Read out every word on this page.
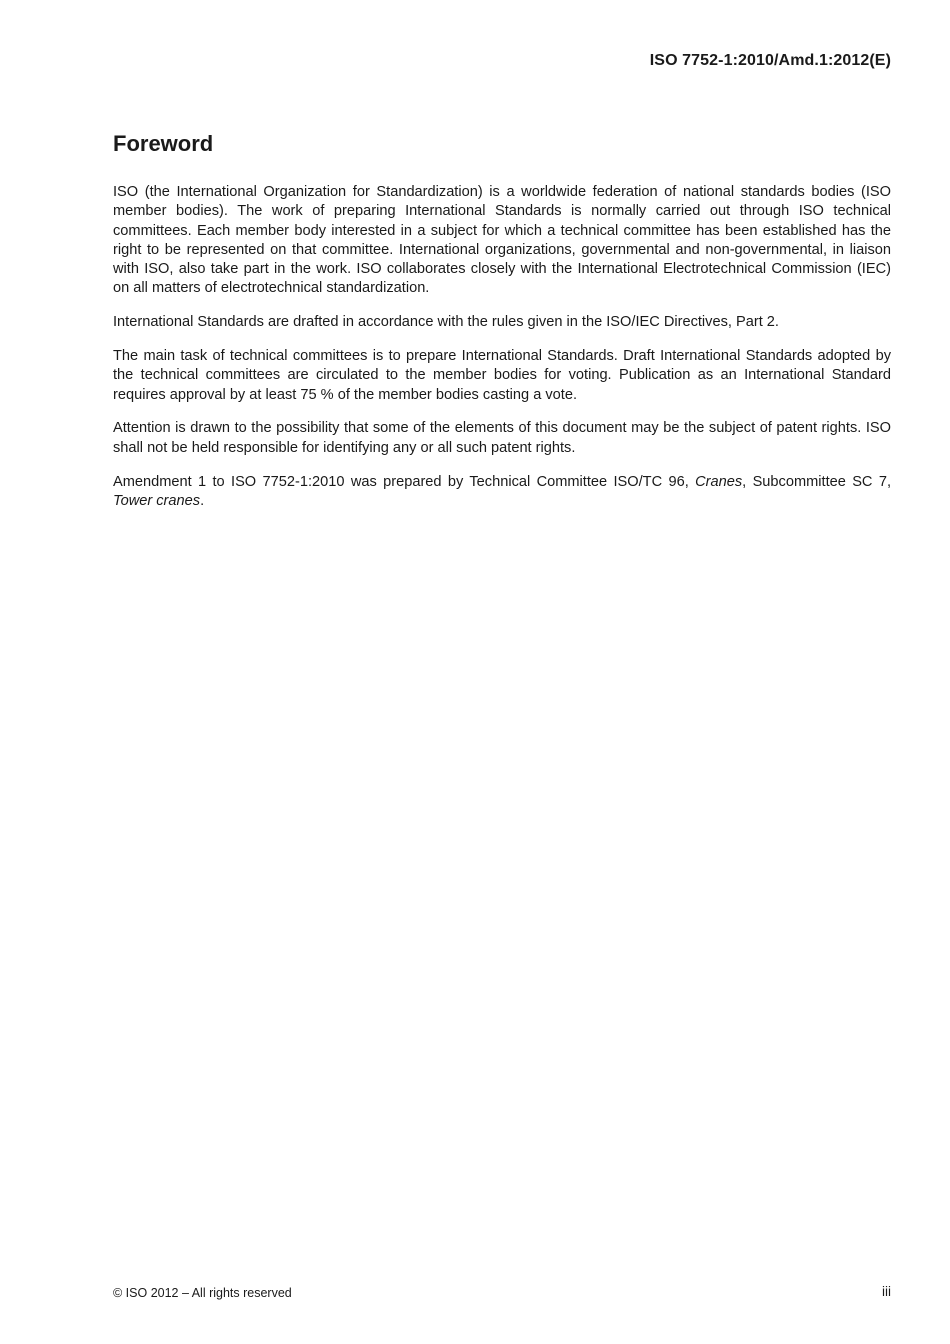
ISO 7752-1:2010/Amd.1:2012(E)
Foreword

ISO (the International Organization for Standardization) is a worldwide federation of national standards bodies (ISO member bodies). The work of preparing International Standards is normally carried out through ISO technical committees. Each member body interested in a subject for which a technical committee has been established has the right to be represented on that committee. International organizations, governmental and non-governmental, in liaison with ISO, also take part in the work. ISO collaborates closely with the International Electrotechnical Commission (IEC) on all matters of electrotechnical standardization.

International Standards are drafted in accordance with the rules given in the ISO/IEC Directives, Part 2.

The main task of technical committees is to prepare International Standards. Draft International Standards adopted by the technical committees are circulated to the member bodies for voting. Publication as an International Standard requires approval by at least 75 % of the member bodies casting a vote.

Attention is drawn to the possibility that some of the elements of this document may be the subject of patent rights. ISO shall not be held responsible for identifying any or all such patent rights.

Amendment 1 to ISO 7752-1:2010 was prepared by Technical Committee ISO/TC 96, Cranes, Subcommittee SC 7, Tower cranes.

© ISO 2012 – All rights reserved	iii
